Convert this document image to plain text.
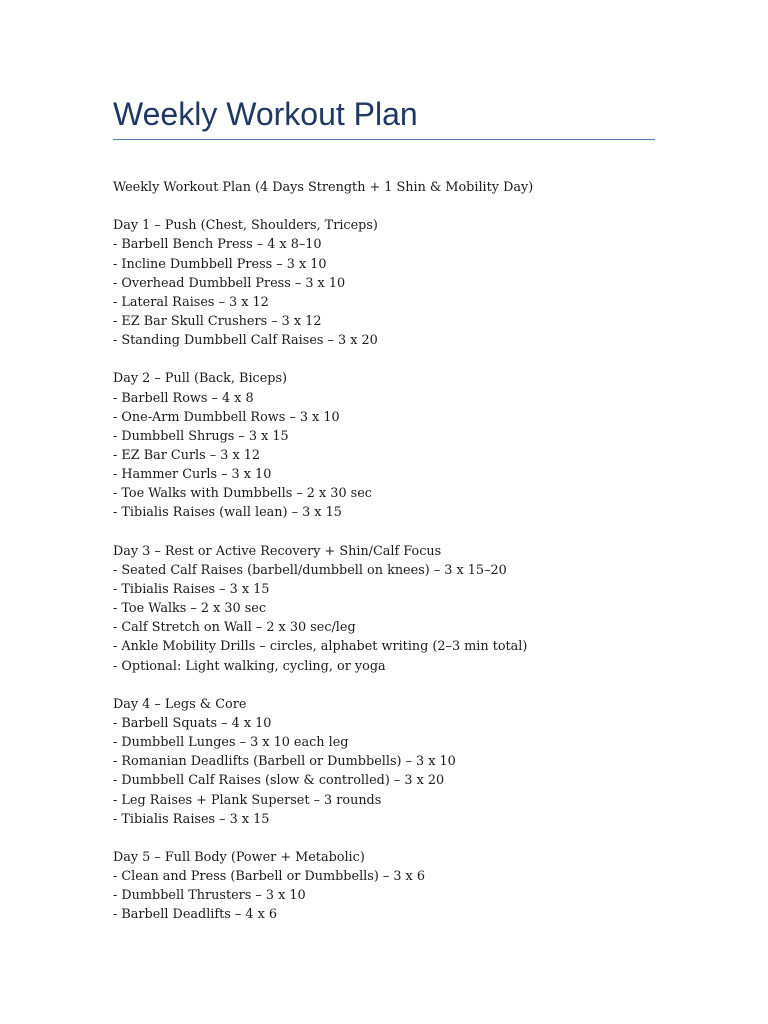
Weekly Workout Plan
Weekly Workout Plan (4 Days Strength + 1 Shin & Mobility Day)
Day 1 – Push (Chest, Shoulders, Triceps)
- Barbell Bench Press – 4 x 8–10
- Incline Dumbbell Press – 3 x 10
- Overhead Dumbbell Press – 3 x 10
- Lateral Raises – 3 x 12
- EZ Bar Skull Crushers – 3 x 12
- Standing Dumbbell Calf Raises – 3 x 20
Day 2 – Pull (Back, Biceps)
- Barbell Rows – 4 x 8
- One-Arm Dumbbell Rows – 3 x 10
- Dumbbell Shrugs – 3 x 15
- EZ Bar Curls – 3 x 12
- Hammer Curls – 3 x 10
- Toe Walks with Dumbbells – 2 x 30 sec
- Tibialis Raises (wall lean) – 3 x 15
Day 3 – Rest or Active Recovery + Shin/Calf Focus
- Seated Calf Raises (barbell/dumbbell on knees) – 3 x 15–20
- Tibialis Raises – 3 x 15
- Toe Walks – 2 x 30 sec
- Calf Stretch on Wall – 2 x 30 sec/leg
- Ankle Mobility Drills – circles, alphabet writing (2–3 min total)
- Optional: Light walking, cycling, or yoga
Day 4 – Legs & Core
- Barbell Squats – 4 x 10
- Dumbbell Lunges – 3 x 10 each leg
- Romanian Deadlifts (Barbell or Dumbbells) – 3 x 10
- Dumbbell Calf Raises (slow & controlled) – 3 x 20
- Leg Raises + Plank Superset – 3 rounds
- Tibialis Raises – 3 x 15
Day 5 – Full Body (Power + Metabolic)
- Clean and Press (Barbell or Dumbbells) – 3 x 6
- Dumbbell Thrusters – 3 x 10
- Barbell Deadlifts – 4 x 6
